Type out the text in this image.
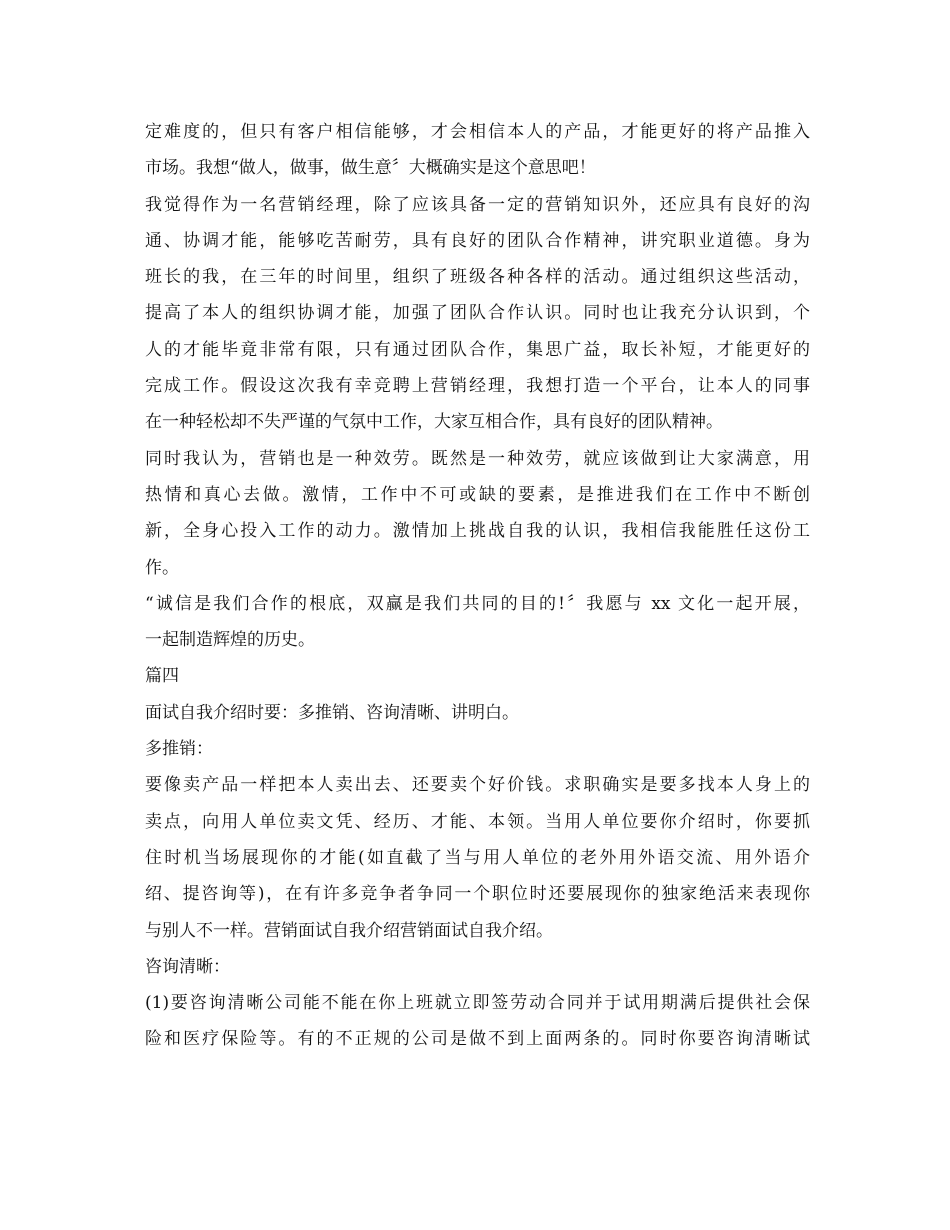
定难度的，但只有客户相信能够，才会相信本人的产品，才能更好的将产品推入
市场。我想“做人，做事，做生意〞大概确实是这个意思吧！
我觉得作为一名营销经理，除了应该具备一定的营销知识外，还应具有良好的沟
通、协调才能，能够吃苦耐劳，具有良好的团队合作精神，讲究职业道德。身为
班长的我，在三年的时间里，组织了班级各种各样的活动。通过组织这些活动，
提高了本人的组织协调才能，加强了团队合作认识。同时也让我充分认识到，个
人的才能毕竟非常有限，只有通过团队合作，集思广益，取长补短，才能更好的
完成工作。假设这次我有幸竞聘上营销经理，我想打造一个平台，让本人的同事
在一种轻松却不失严谨的气氛中工作，大家互相合作，具有良好的团队精神。
同时我认为，营销也是一种效劳。既然是一种效劳，就应该做到让大家满意，用
热情和真心去做。激情，工作中不可或缺的要素，是推进我们在工作中不断创
新，全身心投入工作的动力。激情加上挑战自我的认识，我相信我能胜任这份工
作。
“诚信是我们合作的根底，双赢是我们共同的目的!〞我愿与 xx 文化一起开展，
一起制造辉煌的历史。
篇四
面试自我介绍时要：多推销、咨询清晰、讲明白。
多推销：
要像卖产品一样把本人卖出去、还要卖个好价钱。求职确实是要多找本人身上的
卖点，向用人单位卖文凭、经历、才能、本领。当用人单位要你介绍时，你要抓
住时机当场展现你的才能(如直截了当与用人单位的老外用外语交流、用外语介
绍、提咨询等)，在有许多竞争者争同一个职位时还要展现你的独家绝活来表现你
与别人不一样。营销面试自我介绍营销面试自我介绍。
咨询清晰：
(1)要咨询清晰公司能不能在你上班就立即签劳动合同并于试用期满后提供社会保
险和医疗保险等。有的不正规的公司是做不到上面两条的。同时你要咨询清晰试
